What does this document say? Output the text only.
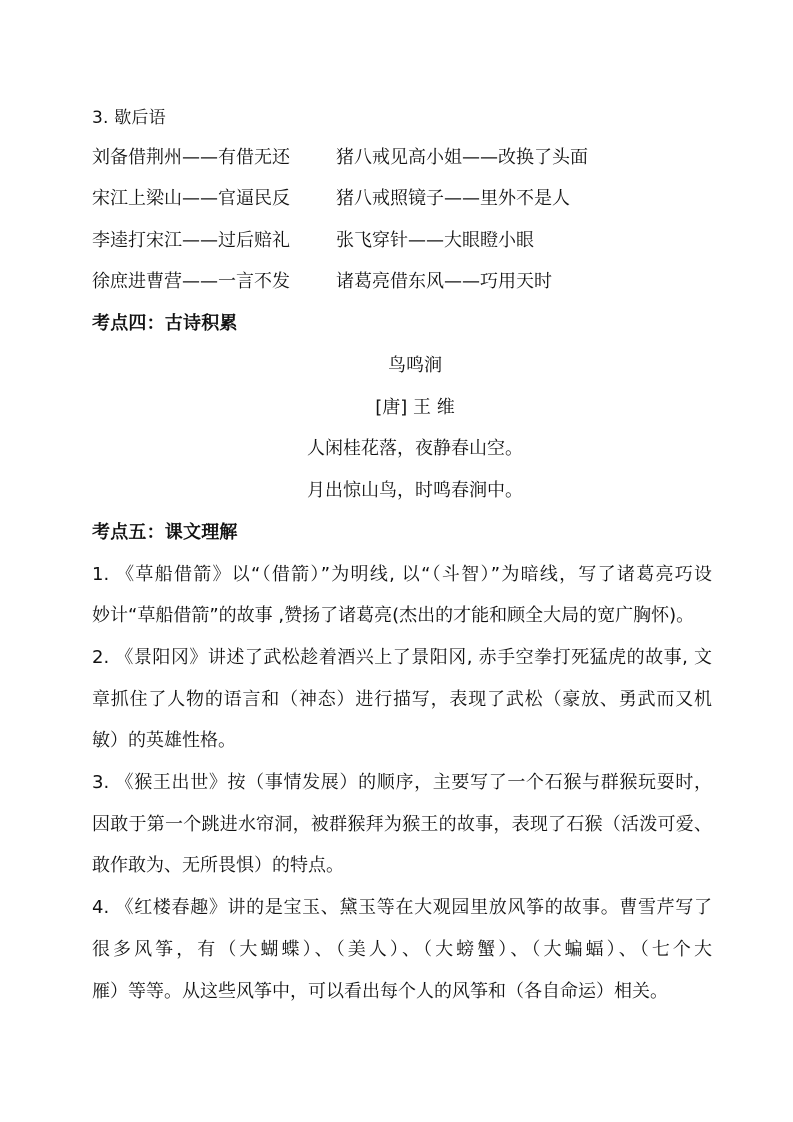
3. 歇后语
刘备借荆州——有借无还	猪八戒见高小姐——改换了头面
宋江上梁山——官逼民反	猪八戒照镜子——里外不是人
李逵打宋江——过后赔礼	张飞穿针——大眼瞪小眼
徐庶进曹营——一言不发	诸葛亮借东风——巧用天时
考点四：古诗积累
鸟鸣涧
[唐] 王 维
人闲桂花落，夜静春山空。
月出惊山鸟，时鸣春涧中。
考点五：课文理解
1. 《草船借箭》以“（借箭）”为明线, 以“（斗智）”为暗线，写了诸葛亮巧设
妙计“草船借箭”的故事 ,赞扬了诸葛亮(杰出的才能和顾全大局的宽广胸怀)。
2. 《景阳冈》讲述了武松趁着酒兴上了景阳冈, 赤手空拳打死猛虎的故事, 文
章抓住了人物的语言和（神态）进行描写，表现了武松（豪放、勇武而又机
敏）的英雄性格。
3. 《猴王出世》按（事情发展）的顺序，主要写了一个石猴与群猴玩耍时，
因敢于第一个跳进水帘洞，被群猴拜为猴王的故事，表现了石猴（活泼可爱、
敢作敢为、无所畏惧）的特点。
4. 《红楼春趣》讲的是宝玉、黛玉等在大观园里放风筝的故事。曹雪芹写了
很多风筝，有（大蝴蝶）、（美人）、（大螃蟹）、（大蝙蝠）、（七个大
雁）等等。从这些风筝中，可以看出每个人的风筝和（各自命运）相关。
